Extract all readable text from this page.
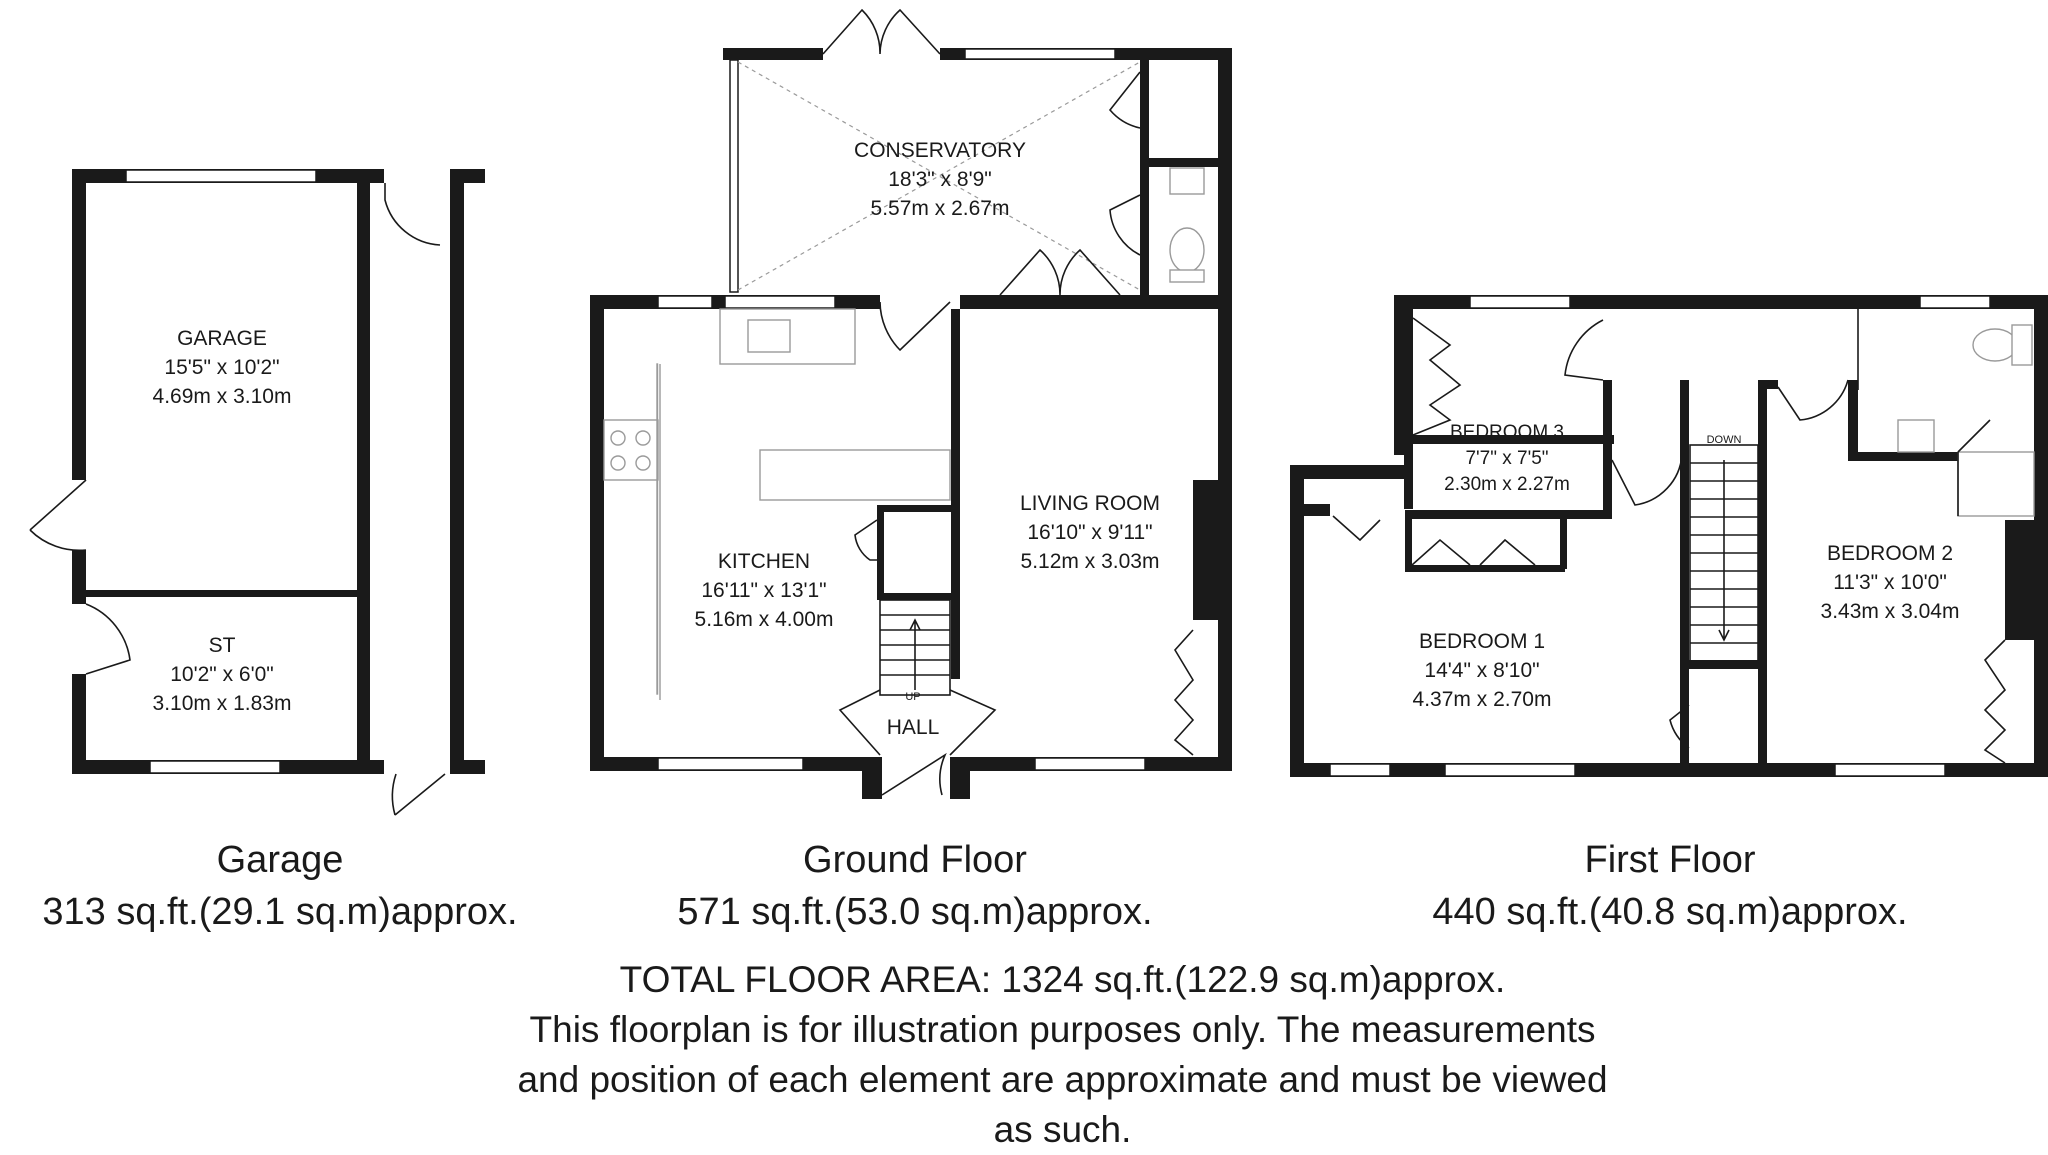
GARAGE
15'5" x 10'2"
4.69m x 3.10m
ST
10'2" x 6'0"
3.10m x 1.83m
CONSERVATORY
18'3" x 8'9"
5.57m x 2.67m
KITCHEN
16'11" x 13'1"
5.16m x 4.00m
LIVING ROOM
16'10" x 9'11"
5.12m x 3.03m
HALL
UP
BEDROOM 3
7'7" x 7'5"
2.30m x 2.27m
BEDROOM 1
14'4" x 8'10"
4.37m x 2.70m
BEDROOM 2
11'3" x 10'0"
3.43m x 3.04m
DOWN
Garage
313 sq.ft.(29.1 sq.m)approx.
Ground Floor
571 sq.ft.(53.0 sq.m)approx.
First Floor
440 sq.ft.(40.8 sq.m)approx.
TOTAL FLOOR AREA: 1324 sq.ft.(122.9 sq.m)approx.
This floorplan is for illustration purposes only. The measurements
and position of each element are approximate and must be viewed
as such.
